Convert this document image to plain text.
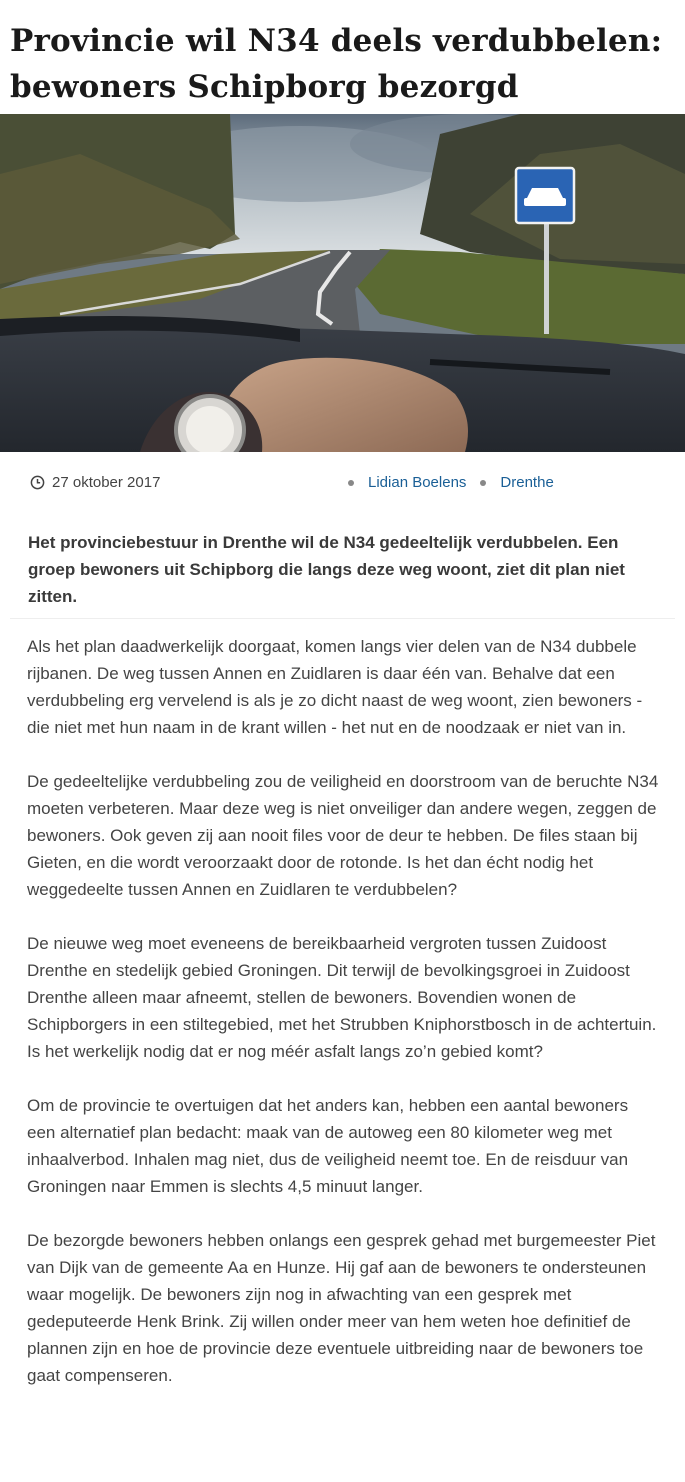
Provincie wil N34 deels verdubbelen:
bewoners Schipborg bezorgd
27 oktober 2017	Lidian Boelens Drenthe
Het provinciebestuur in Drenthe wil de N34 gedeeltelijk verdubbelen. Een groep bewoners uit Schipborg die langs deze weg woont, ziet dit plan niet zitten.

Als het plan daadwerkelijk doorgaat, komen langs vier delen van de N34 dubbele rijbanen. De weg tussen Annen en Zuidlaren is daar één van. Behalve dat een verdubbeling erg vervelend is als je zo dicht naast de weg woont, zien bewoners - die niet met hun naam in de krant willen - het nut en de noodzaak er niet van in.

De gedeeltelijke verdubbeling zou de veiligheid en doorstroom van de beruchte N34 moeten verbeteren. Maar deze weg is niet onveiliger dan andere wegen, zeggen de bewoners. Ook geven zij aan nooit files voor de deur te hebben. De files staan bij Gieten, en die wordt veroorzaakt door de rotonde. Is het dan écht nodig het weggedeelte tussen Annen en Zuidlaren te verdubbelen?

De nieuwe weg moet eveneens de bereikbaarheid vergroten tussen Zuidoost Drenthe en stedelijk gebied Groningen. Dit terwijl de bevolkingsgroei in Zuidoost Drenthe alleen maar afneemt, stellen de bewoners. Bovendien wonen de Schipborgers in een stiltegebied, met het Strubben Kniphorstbosch in de achtertuin. Is het werkelijk nodig dat er nog méér asfalt langs zo’n gebied komt?

Om de provincie te overtuigen dat het anders kan, hebben een aantal bewoners een alternatief plan bedacht: maak van de autoweg een 80 kilometer weg met inhaalverbod. Inhalen mag niet, dus de veiligheid neemt toe. En de reisduur van Groningen naar Emmen is slechts 4,5 minuut langer.

De bezorgde bewoners hebben onlangs een gesprek gehad met burgemeester Piet van Dijk van de gemeente Aa en Hunze. Hij gaf aan de bewoners te ondersteunen waar mogelijk. De bewoners zijn nog in afwachting van een gesprek met gedeputeerde Henk Brink. Zij willen onder meer van hem weten hoe definitief de plannen zijn en hoe de provincie deze eventuele uitbreiding naar de bewoners toe gaat compenseren.
